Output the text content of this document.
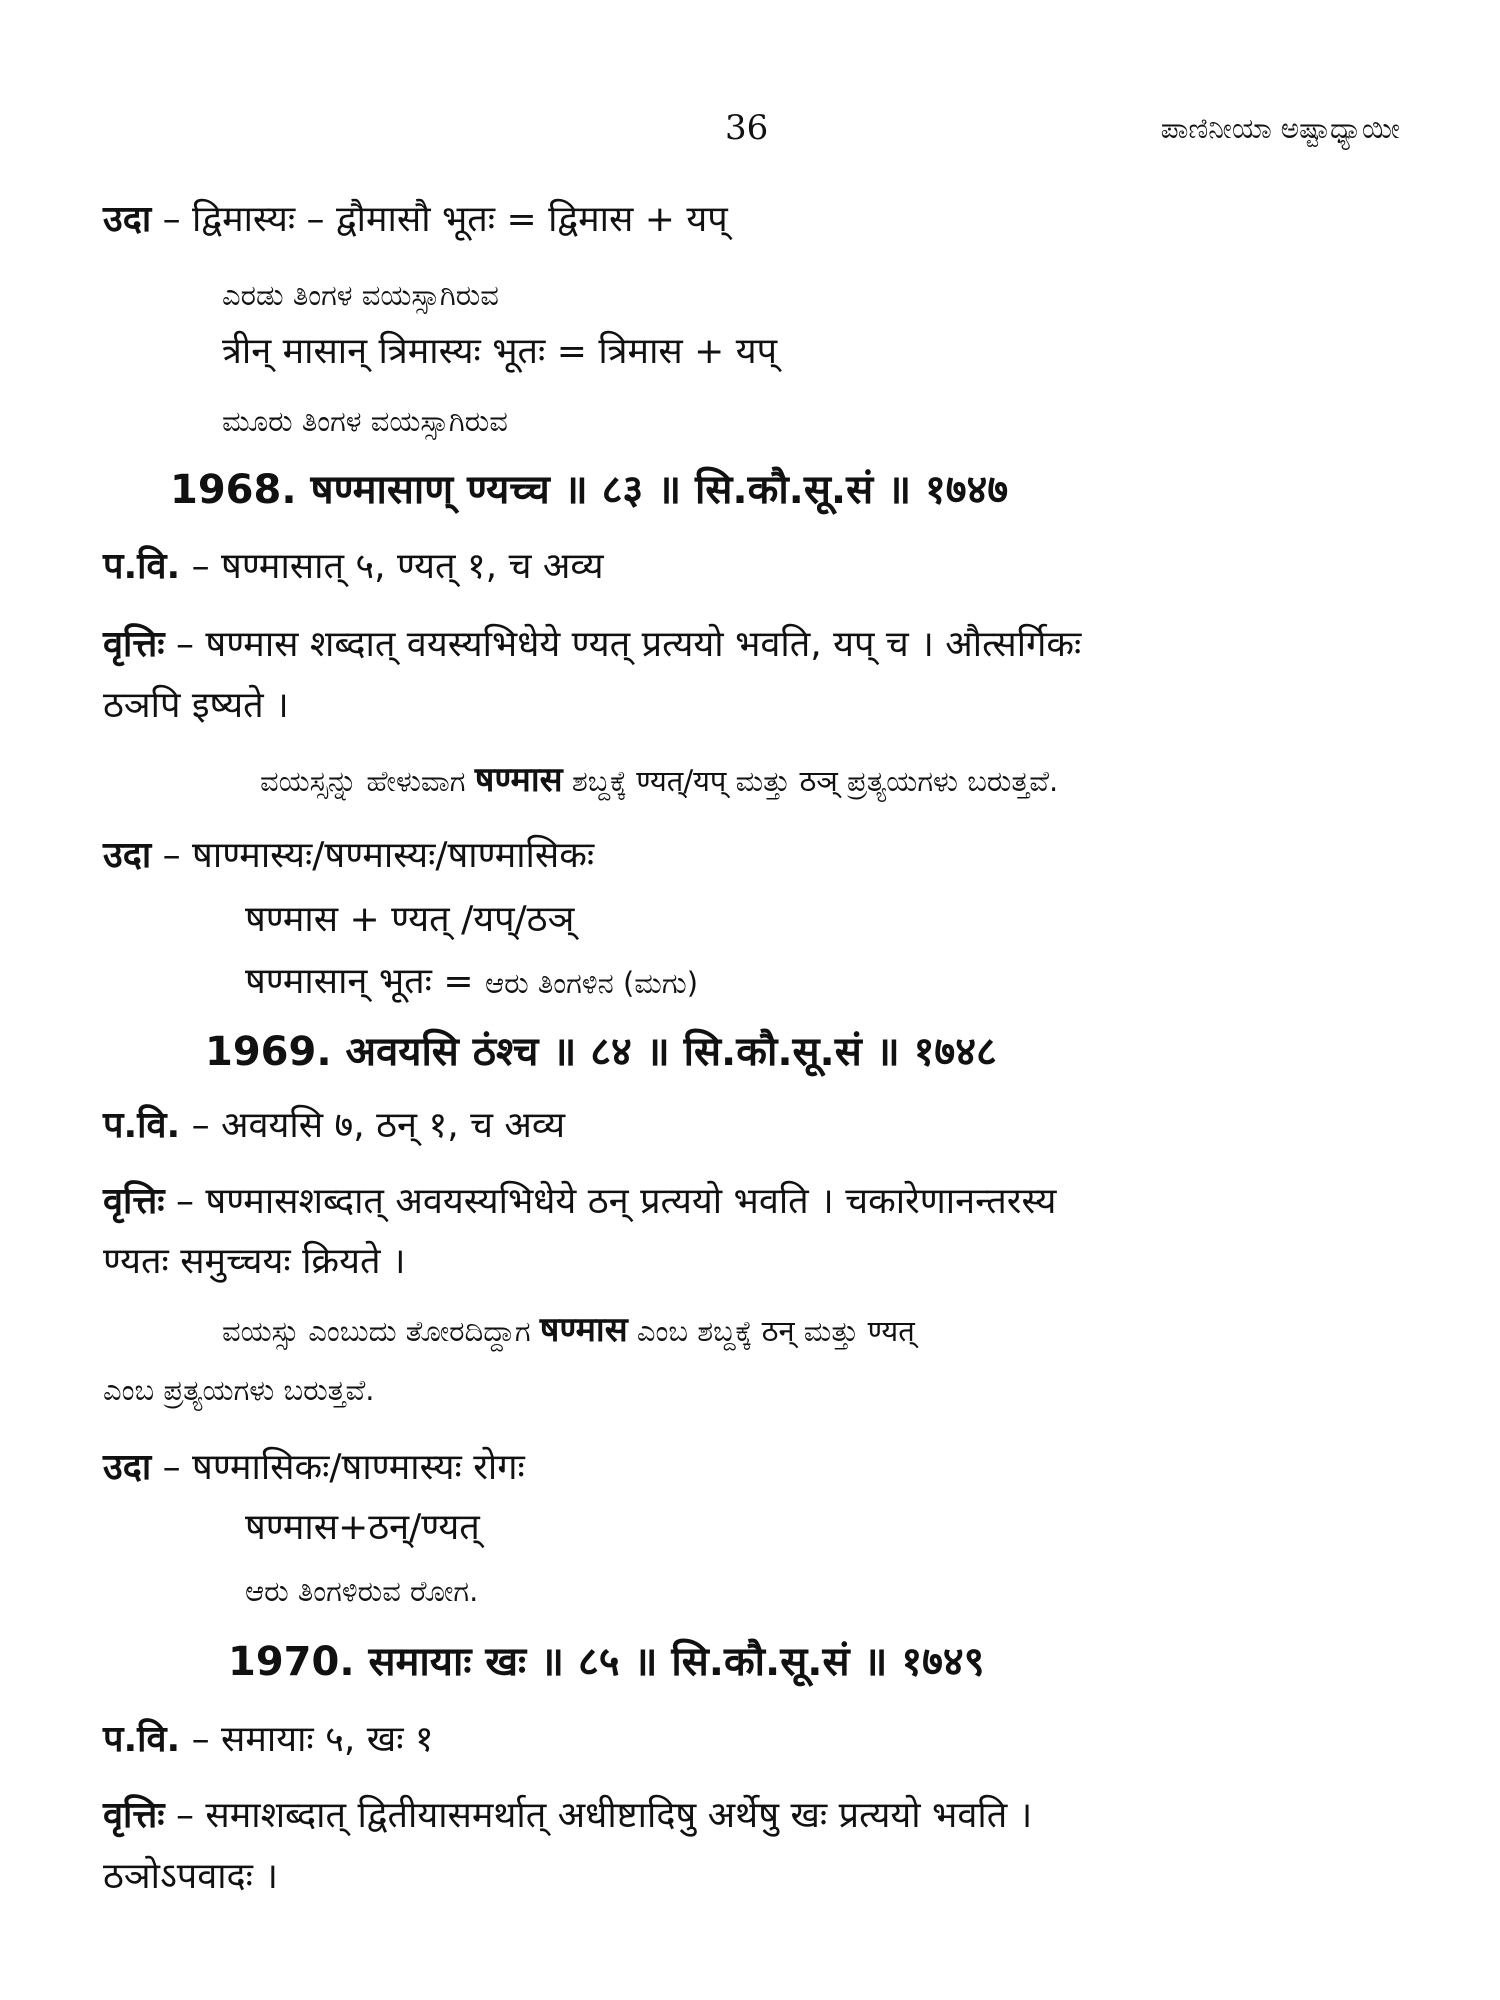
36	ಪಾಣಿನೀಯಾ ಅಷ್ಟಾಧ್ಯಾಯೀ
उदा – द्विमास्यः – द्वौमासौ भूतः = द्विमास + यप्
ಎರಡು ತಿಂಗಳ ವಯಸ್ಸಾಗಿರುವ
त्रीन् मासान् त्रिमास्यः भूतः = त्रिमास + यप्
ಮೂರು ತಿಂಗಳ ವಯಸ್ಸಾಗಿರುವ
1968. षण्मासाण् ण्यच्च ॥ ८३ ॥ सि.कौ.सू.सं ॥ १७४७
प.वि. – षण्मासात् ५, ण्यत् १, च अव्य
वृत्तिः – षण्मास शब्दात् वयस्यभिधेये ण्यत् प्रत्ययो भवति, यप् च । औत्सर्गिकः
ठञपि इष्यते ।
ವಯಸ್ಸನ್ನು ಹೇಳುವಾಗ षण्मास ಶಬ್ದಕ್ಕೆ ण्यत्/यप् ಮತ್ತು ठञ् ಪ್ರತ್ಯಯಗಳು ಬರುತ್ತವೆ.
उदा – षाण्मास्यः/षण्मास्यः/षाण्मासिकः
षण्मास + ण्यत् /यप्/ठञ्
षण्मासान् भूतः = ಆರು ತಿಂಗಳಿನ (ಮಗು)
1969. अवयसि ठंश्च ॥ ८४ ॥ सि.कौ.सू.सं ॥ १७४८
प.वि. – अवयसि ७, ठन् १, च अव्य
वृत्तिः – षण्मासशब्दात् अवयस्यभिधेये ठन् प्रत्ययो भवति । चकारेणानन्तरस्य
ण्यतः समुच्चयः क्रियते ।
ವಯಸ್ಸು ಎಂಬುದು ತೋರದಿದ್ದಾಗ षण्मास ಎಂಬ ಶಬ್ದಕ್ಕೆ ठन् ಮತ್ತು ण्यत्
ಎಂಬ ಪ್ರತ್ಯಯಗಳು ಬರುತ್ತವೆ.
उदा – षण्मासिकः/षाण्मास्यः रोगः
षण्मास+ठन्/ण्यत्
ಆರು ತಿಂಗಳಿರುವ ರೋಗ.
1970. समायाः खः ॥ ८५ ॥ सि.कौ.सू.सं ॥ १७४९
प.वि. – समायाः ५, खः १
वृत्तिः – समाशब्दात् द्वितीयासमर्थात् अधीष्टादिषु अर्थेषु खः प्रत्ययो भवति ।
ठञोऽपवादः ।
